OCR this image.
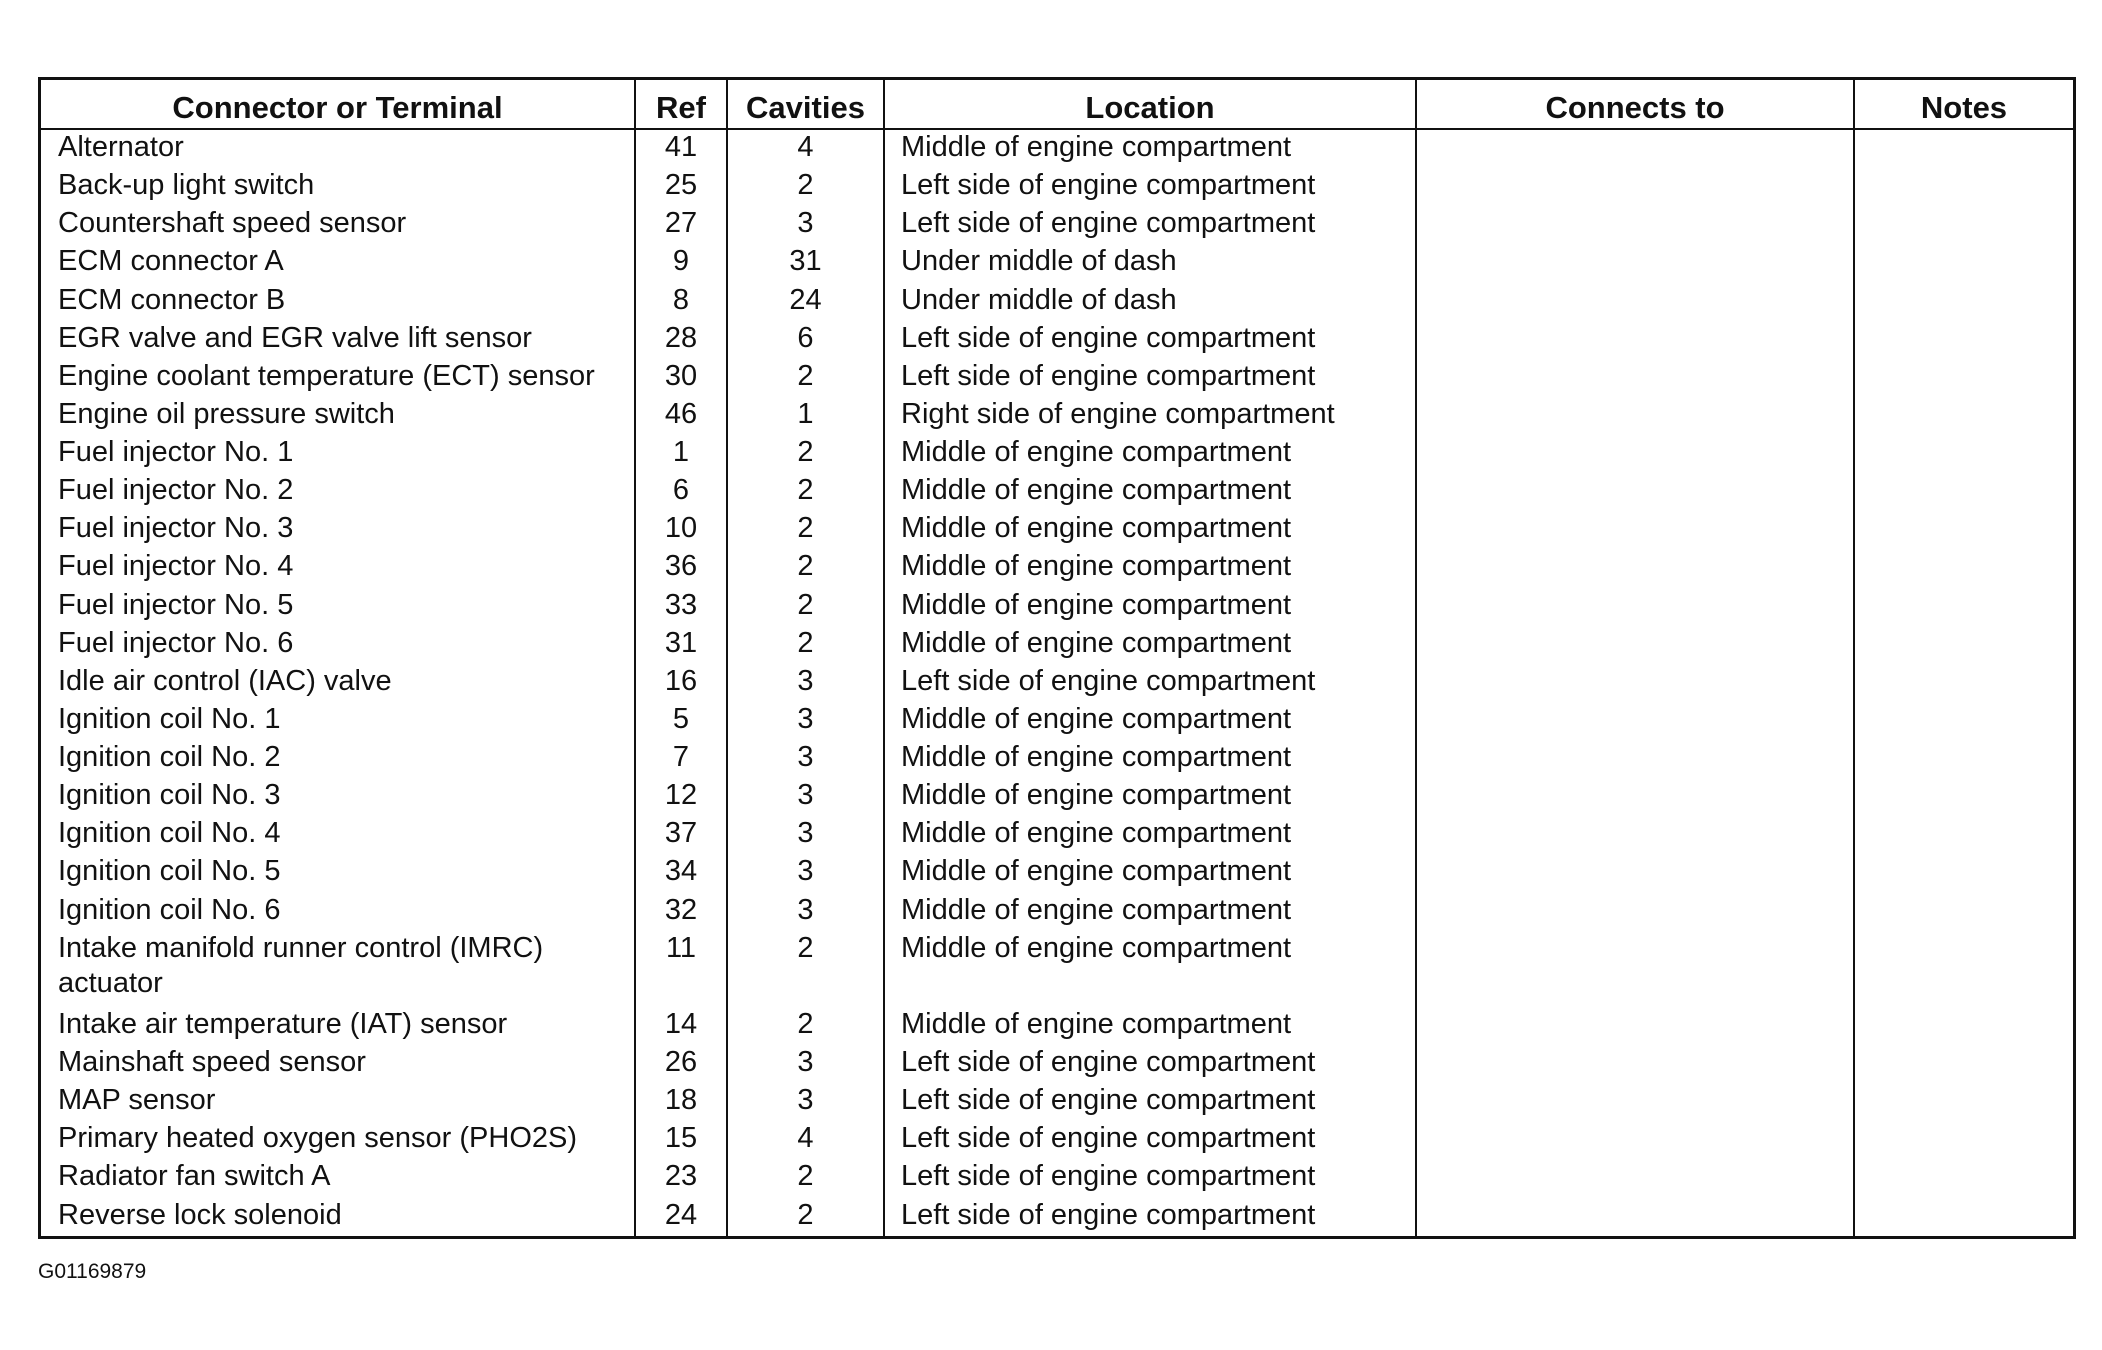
Connector or Terminal	Ref	Cavities	Location	Connects to	Notes
Alternator	41	4	Middle of engine compartment		
Back-up light switch	25	2	Left side of engine compartment		
Countershaft speed sensor	27	3	Left side of engine compartment		
ECM connector A	9	31	Under middle of dash		
ECM connector B	8	24	Under middle of dash		
EGR valve and EGR valve lift sensor	28	6	Left side of engine compartment		
Engine coolant temperature (ECT) sensor	30	2	Left side of engine compartment		
Engine oil pressure switch	46	1	Right side of engine compartment		
Fuel injector No. 1	1	2	Middle of engine compartment		
Fuel injector No. 2	6	2	Middle of engine compartment		
Fuel injector No. 3	10	2	Middle of engine compartment		
Fuel injector No. 4	36	2	Middle of engine compartment		
Fuel injector No. 5	33	2	Middle of engine compartment		
Fuel injector No. 6	31	2	Middle of engine compartment		
Idle air control (IAC) valve	16	3	Left side of engine compartment		
Ignition coil No. 1	5	3	Middle of engine compartment		
Ignition coil No. 2	7	3	Middle of engine compartment		
Ignition coil No. 3	12	3	Middle of engine compartment		
Ignition coil No. 4	37	3	Middle of engine compartment		
Ignition coil No. 5	34	3	Middle of engine compartment		
Ignition coil No. 6	32	3	Middle of engine compartment		
Intake manifold runner control (IMRC) actuator	11	2	Middle of engine compartment		
Intake air temperature (IAT) sensor	14	2	Middle of engine compartment		
Mainshaft speed sensor	26	3	Left side of engine compartment		
MAP sensor	18	3	Left side of engine compartment		
Primary heated oxygen sensor (PHO2S)	15	4	Left side of engine compartment		
Radiator fan switch A	23	2	Left side of engine compartment		
Reverse lock solenoid	24	2	Left side of engine compartment		

G01169879
